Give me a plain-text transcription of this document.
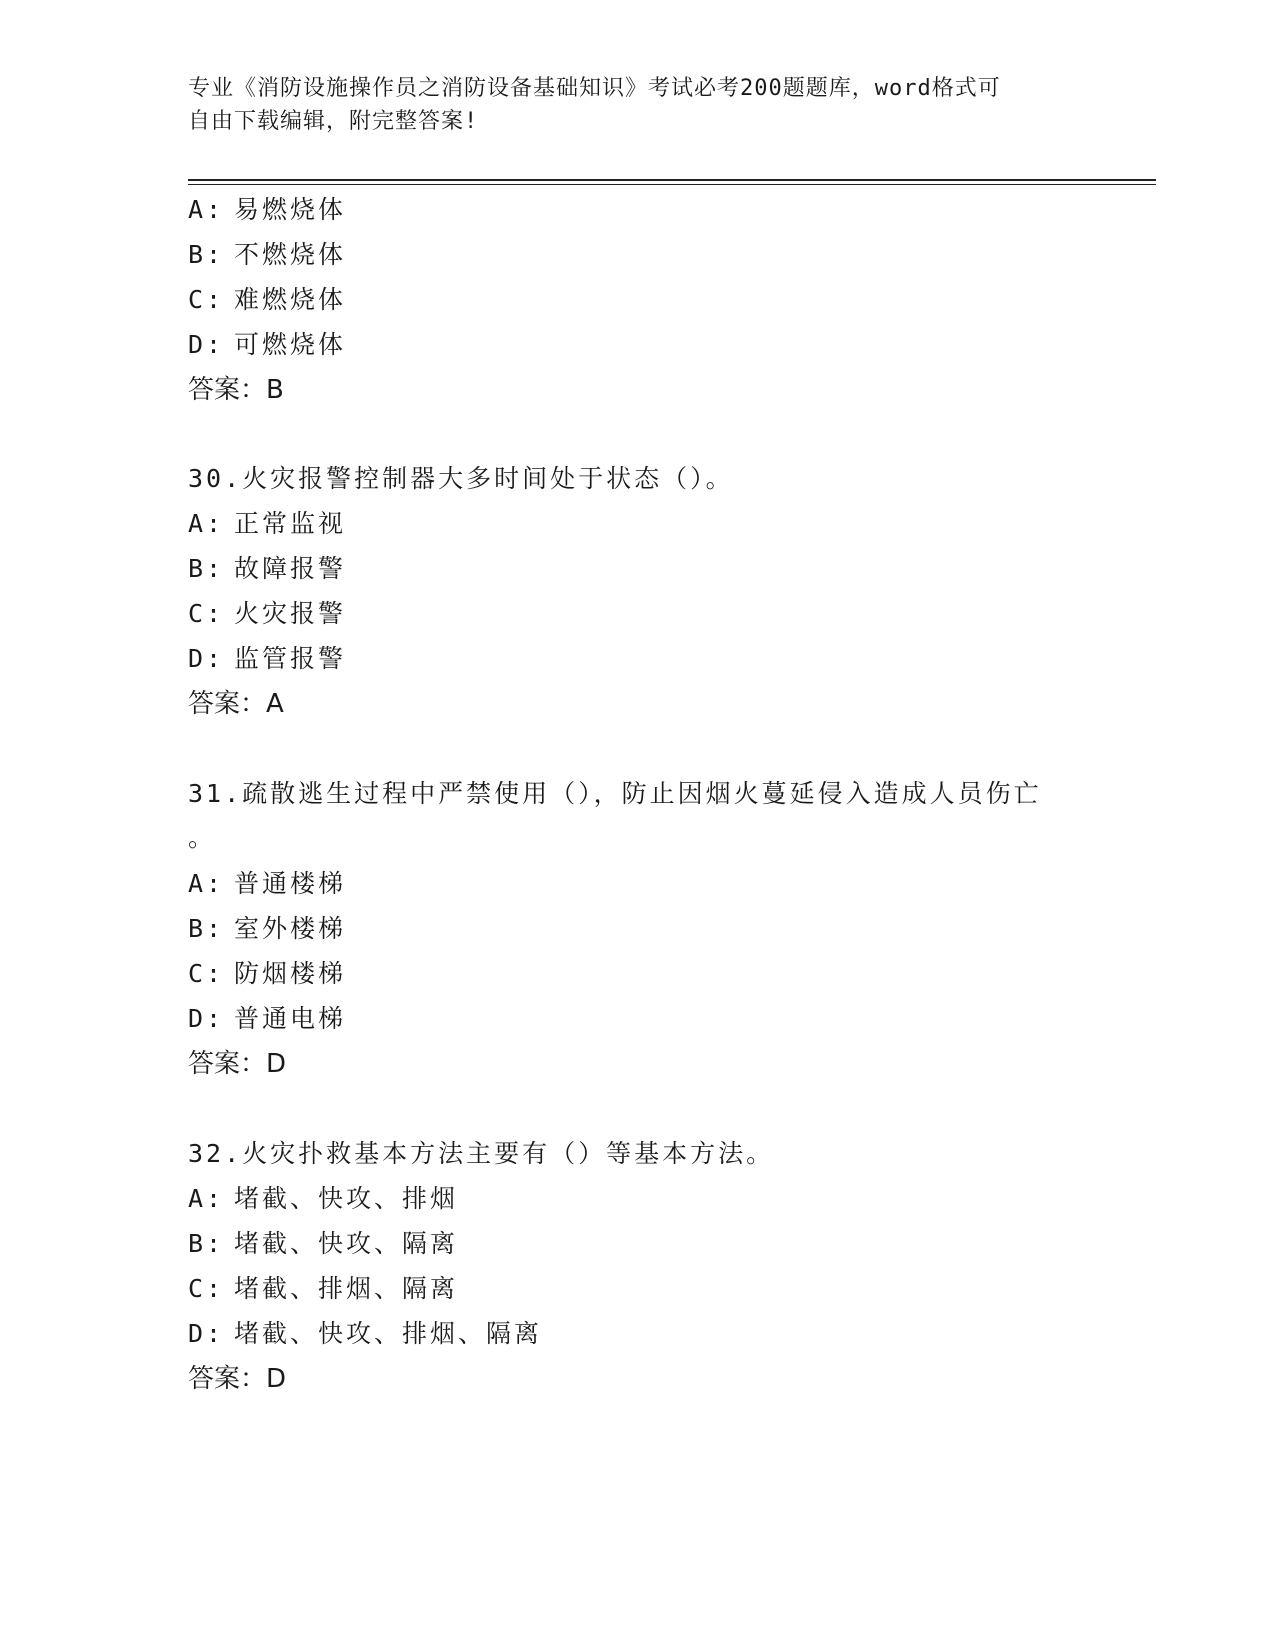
专业《消防设施操作员之消防设备基础知识》考试必考200题题库，word格式可
自由下载编辑，附完整答案!
A: 易燃烧体
B: 不燃烧体
C: 难燃烧体
D: 可燃烧体
答案：B
30.火灾报警控制器大多时间处于状态（）。
A: 正常监视
B: 故障报警
C: 火灾报警
D: 监管报警
答案：A
31.疏散逃生过程中严禁使用（），防止因烟火蔓延侵入造成人员伤亡
。
A: 普通楼梯
B: 室外楼梯
C: 防烟楼梯
D: 普通电梯
答案：D
32.火灾扑救基本方法主要有（）等基本方法。
A: 堵截、快攻、排烟
B: 堵截、快攻、隔离
C: 堵截、排烟、隔离
D: 堵截、快攻、排烟、隔离
答案：D
